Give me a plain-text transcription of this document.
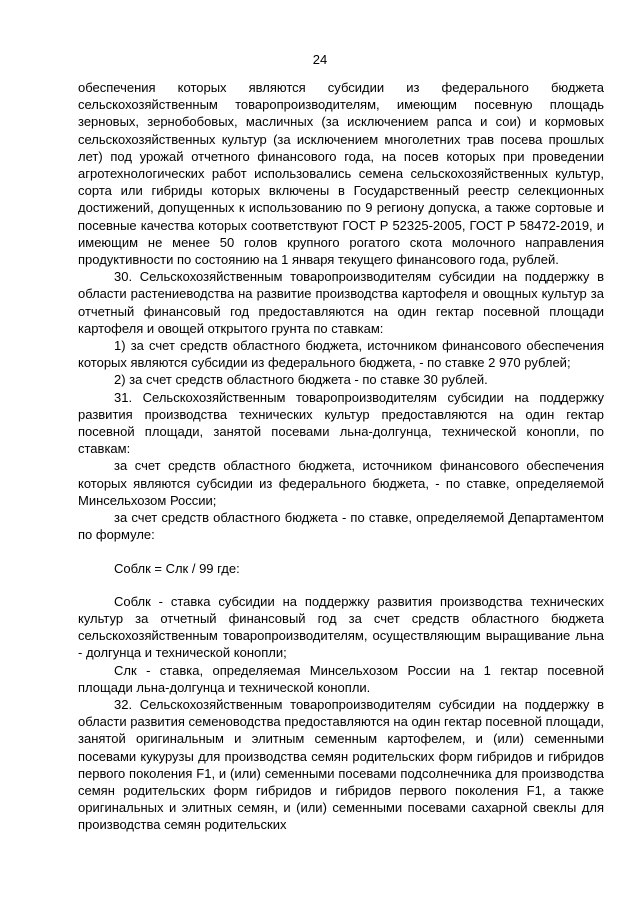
24

обеспечения которых являются субсидии из федерального бюджета сельскохозяйственным товаропроизводителям, имеющим посевную площадь зерновых, зернобобовых, масличных (за исключением рапса и сои) и кормовых сельскохозяйственных культур (за исключением многолетних трав посева прошлых лет) под урожай отчетного финансового года, на посев которых при проведении агротехнологических работ использовались семена сельскохозяйственных культур, сорта или гибриды которых включены в Государственный реестр селекционных достижений, допущенных к использованию по 9 региону допуска, а также сортовые и посевные качества которых соответствуют ГОСТ Р 52325-2005, ГОСТ Р 58472-2019, и имеющим не менее 50 голов крупного рогатого скота молочного направления продуктивности по состоянию на 1 января текущего финансового года, рублей.

30. Сельскохозяйственным товаропроизводителям субсидии на поддержку в области растениеводства на развитие производства картофеля и овощных культур за отчетный финансовый год предоставляются на один гектар посевной площади картофеля и овощей открытого грунта по ставкам:

1) за счет средств областного бюджета, источником финансового обеспечения которых являются субсидии из федерального бюджета, - по ставке 2 970 рублей;

2) за счет средств областного бюджета - по ставке 30 рублей.

31. Сельскохозяйственным товаропроизводителям субсидии на поддержку развития производства технических культур предоставляются на один гектар посевной площади, занятой посевами льна-долгунца, технической конопли, по ставкам:

за счет средств областного бюджета, источником финансового обеспечения которых являются субсидии из федерального бюджета, - по ставке, определяемой Минсельхозом России;

за счет средств областного бюджета - по ставке, определяемой Департаментом по формуле:

Соблк = Слк / 99 где:

Соблк - ставка субсидии на поддержку развития производства технических культур за отчетный финансовый год за счет средств областного бюджета сельскохозяйственным товаропроизводителям, осуществляющим выращивание льна - долгунца и технической конопли;

Слк - ставка, определяемая Минсельхозом России на 1 гектар посевной площади льна-долгунца и технической конопли.

32. Сельскохозяйственным товаропроизводителям субсидии на поддержку в области развития семеноводства предоставляются на один гектар посевной площади, занятой оригинальным и элитным семенным картофелем, и (или) семенными посевами кукурузы для производства семян родительских форм гибридов и гибридов первого поколения F1, и (или) семенными посевами подсолнечника для производства семян родительских форм гибридов и гибридов первого поколения F1, а также оригинальных и элитных семян, и (или) семенными посевами сахарной свеклы для производства семян родительских
